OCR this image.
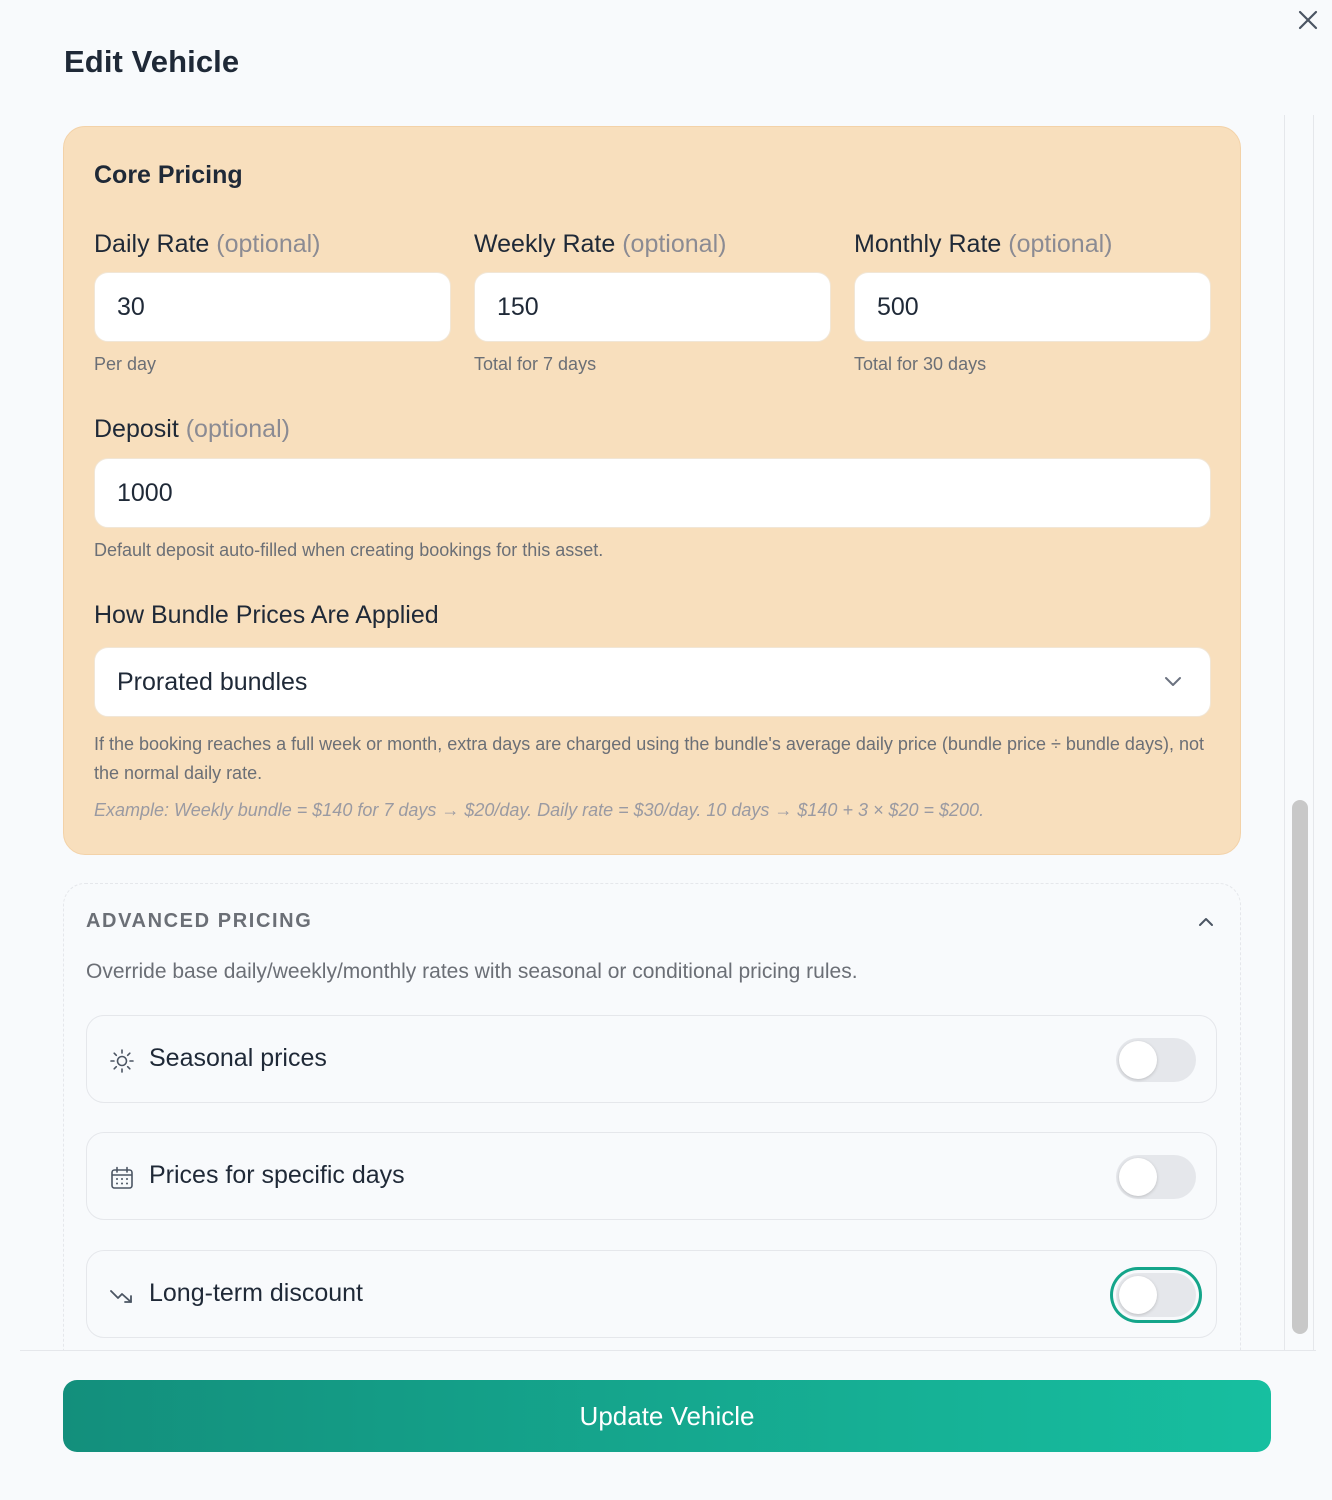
Edit Vehicle
Core Pricing
Daily Rate (optional)
30
Per day
Weekly Rate (optional)
150
Total for 7 days
Monthly Rate (optional)
500
Total for 30 days
Deposit (optional)
1000
Default deposit auto-filled when creating bookings for this asset.
How Bundle Prices Are Applied
Prorated bundles
If the booking reaches a full week or month, extra days are charged using the bundle's average daily price (bundle price ÷ bundle days), not the normal daily rate.
Example: Weekly bundle = $140 for 7 days → $20/day. Daily rate = $30/day. 10 days → $140 + 3 × $20 = $200.
ADVANCED PRICING
Override base daily/weekly/monthly rates with seasonal or conditional pricing rules.
Seasonal prices
Prices for specific days
Long-term discount
Update Vehicle
